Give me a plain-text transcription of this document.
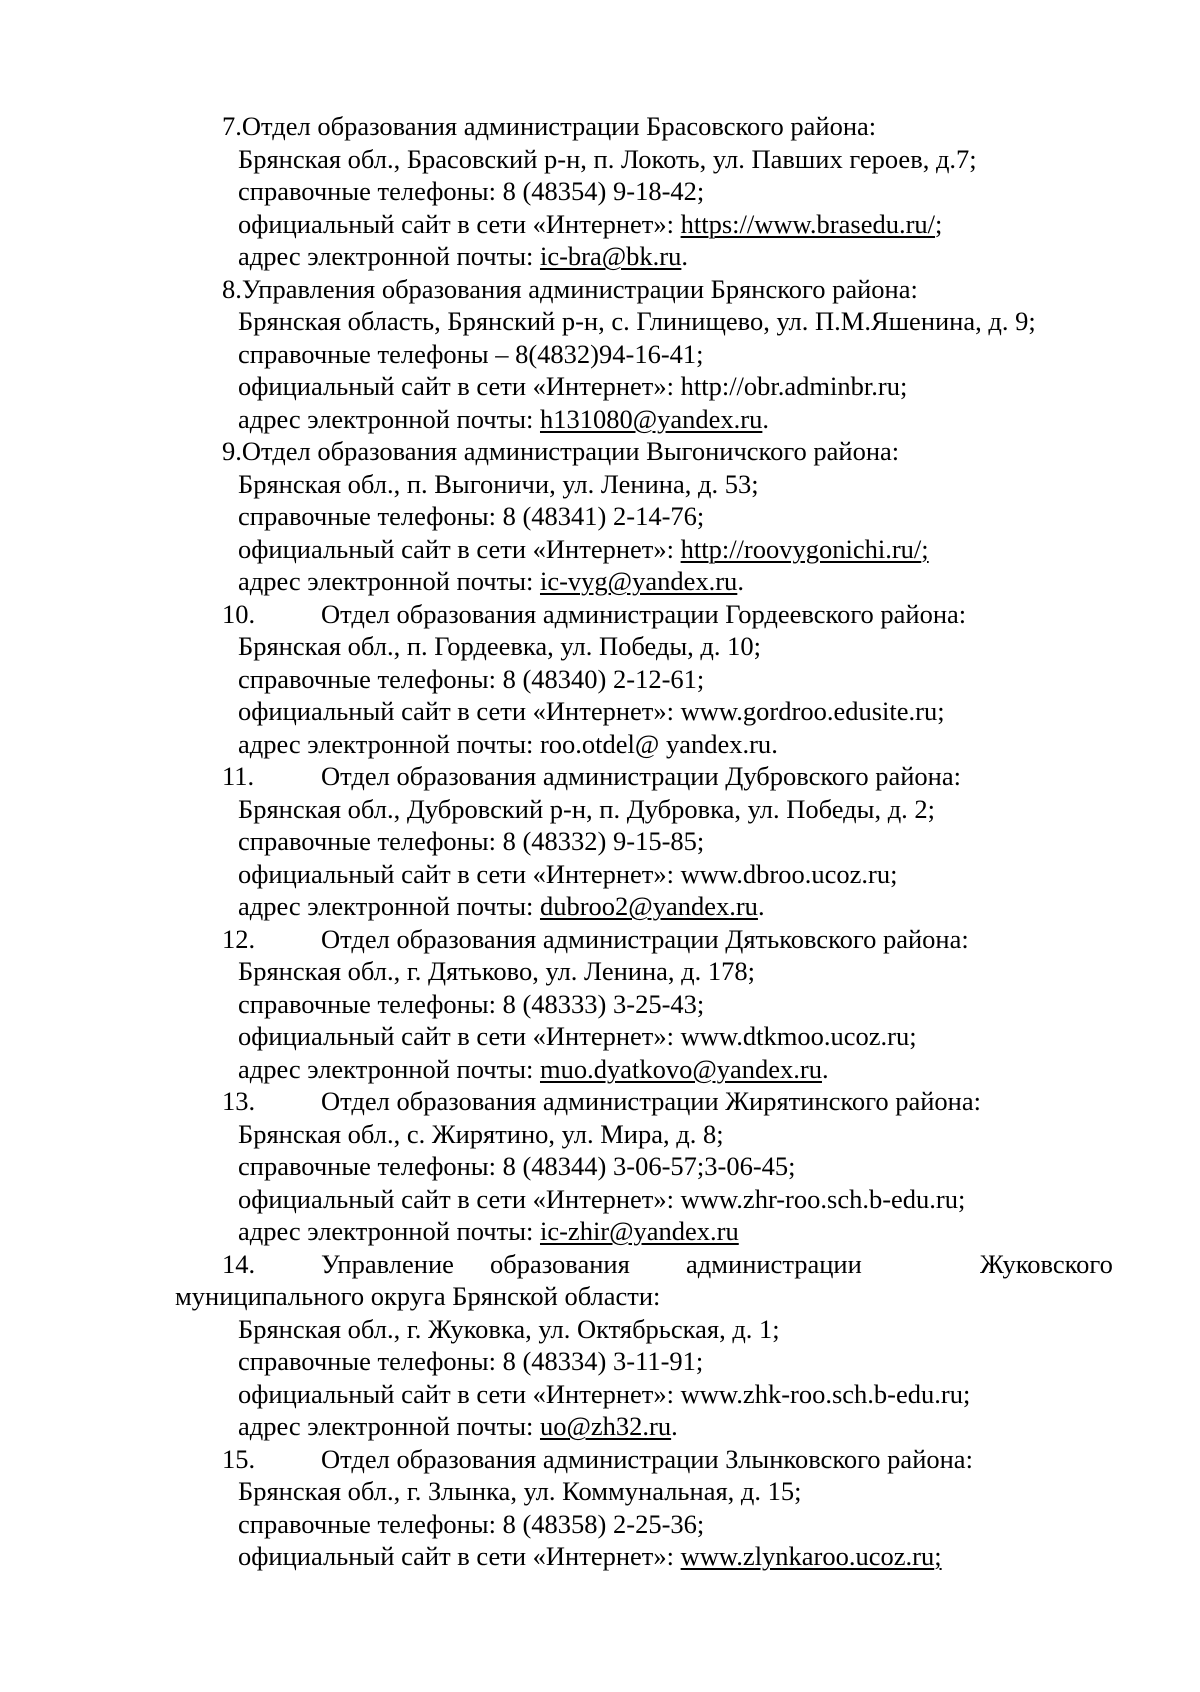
7.Отдел образования администрации Брасовского района:
Брянская обл., Брасовский р-н, п. Локоть, ул. Павших героев, д.7;
справочные телефоны: 8 (48354) 9-18-42;
официальный сайт в сети «Интернет»: https://www.brasedu.ru/;
адрес электронной почты: ic-bra@bk.ru.
8.Управления образования администрации Брянского района:
Брянская область, Брянский р-н, с. Глинищево, ул. П.М.Яшенина, д. 9;
справочные телефоны – 8(4832)94-16-41;
официальный сайт в сети «Интернет»: http://obr.adminbr.ru;
адрес электронной почты: h131080@yandex.ru.
9.Отдел образования администрации Выгоничского района:
Брянская обл., п. Выгоничи, ул. Ленина, д. 53;
справочные телефоны: 8 (48341) 2-14-76;
официальный сайт в сети «Интернет»: http://roovygonichi.ru/;
адрес электронной почты: ic-vyg@yandex.ru.
10. Отдел образования администрации Гордеевского района:
Брянская обл., п. Гордеевка, ул. Победы, д. 10;
справочные телефоны: 8 (48340) 2-12-61;
официальный сайт в сети «Интернет»: www.gordroo.edusite.ru;
адрес электронной почты: roo.otdel@ yandex.ru.
11.	Отдел образования администрации Дубровского района:
Брянская обл., Дубровский р-н, п. Дубровка, ул. Победы, д. 2;
справочные телефоны: 8 (48332) 9-15-85;
официальный сайт в сети «Интернет»: www.dbroo.ucoz.ru;
адрес электронной почты: dubroo2@yandex.ru.
12. Отдел образования администрации Дятьковского района:
Брянская обл., г. Дятьково, ул. Ленина, д. 178;
справочные телефоны: 8 (48333) 3-25-43;
официальный сайт в сети «Интернет»: www.dtkmoo.ucoz.ru;
адрес электронной почты: muo.dyatkovo@yandex.ru.
13. Отдел образования администрации Жирятинского района:
Брянская обл., с. Жирятино, ул. Мира, д. 8;
справочные телефоны: 8 (48344) 3-06-57;3-06-45;
официальный сайт в сети «Интернет»: www.zhr-roo.sch.b-edu.ru;
адрес электронной почты: ic-zhir@yandex.ru
14. Управление образования администрации	Жуковского
муниципального округа Брянской области:
Брянская обл., г. Жуковка, ул. Октябрьская, д. 1;
справочные телефоны: 8 (48334) 3-11-91;
официальный сайт в сети «Интернет»: www.zhk-roo.sch.b-edu.ru;
адрес электронной почты: uo@zh32.ru.
15. Отдел образования администрации Злынковского района:
Брянская обл., г. Злынка, ул. Коммунальная, д. 15;
справочные телефоны: 8 (48358) 2-25-36;
официальный сайт в сети «Интернет»: www.zlynkaroo.ucoz.ru;
